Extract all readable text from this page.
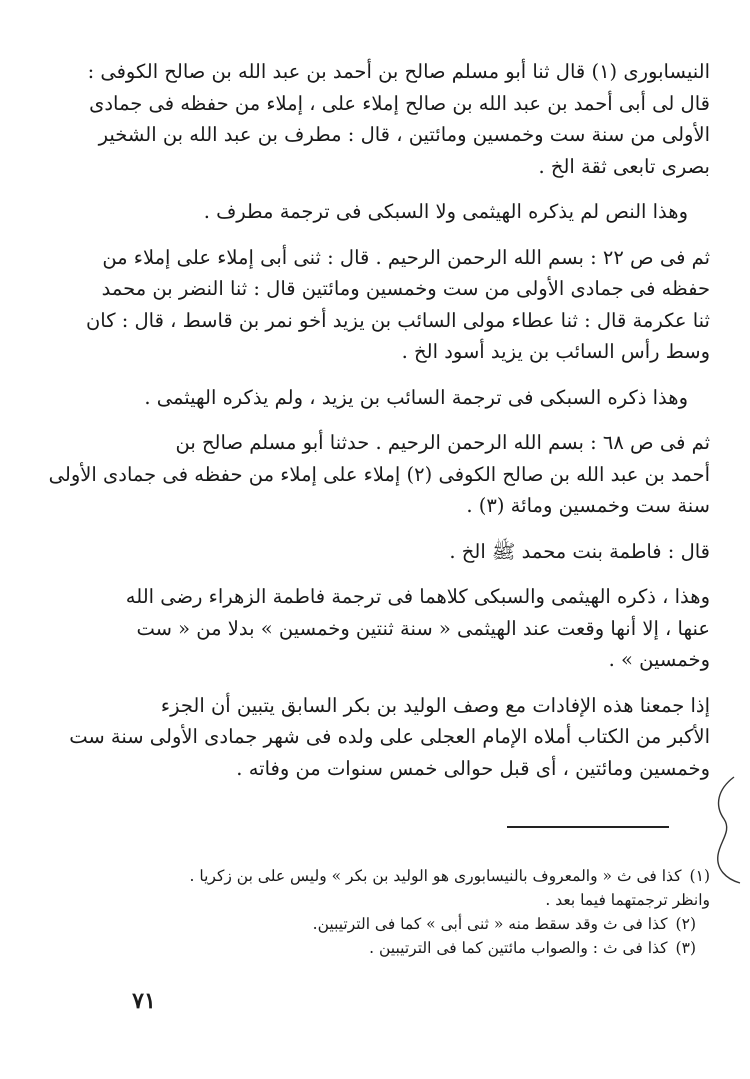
النيسابورى (١) قال ثنا أبو مسلم صالح بن أحمد بن عبد الله بن صالح الكوفى :
قال لى أبى أحمد بن عبد الله بن صالح إملاء على ، إملاء من حفظه فى جمادى
الأولى من سنة ست وخمسين ومائتين ، قال : مطرف بن عبد الله بن الشخير
بصرى تابعى ثقة الخ .

وهذا النص لم يذكره الهيثمى ولا السبكى فى ترجمة مطرف .

ثم فى ص ٢٢ : بسم الله الرحمن الرحيم . قال : ثنى أبى إملاء على إملاء من
حفظه فى جمادى الأولى من ست وخمسين ومائتين قال : ثنا النضر بن محمد
ثنا عكرمة قال : ثنا عطاء مولى السائب بن يزيد أخو نمر بن قاسط ، قال : كان
وسط رأس السائب بن يزيد أسود الخ .

وهذا ذكره السبكى فى ترجمة السائب بن يزيد ، ولم يذكره الهيثمى .

ثم فى ص ٦٨ : بسم الله الرحمن الرحيم . حدثنا أبو مسلم صالح بن
أحمد بن عبد الله بن صالح الكوفى (٢) إملاء على إملاء من حفظه فى جمادى الأولى
سنة ست وخمسين ومائة (٣) .

قال : فاطمة بنت محمد ﷺ الخ .

وهذا ، ذكره الهيثمى والسبكى كلاهما فى ترجمة فاطمة الزهراء رضى الله
عنها ، إلا أنها وقعت عند الهيثمى « سنة ثنتين وخمسين » بدلا من « ست
وخمسين » .

إذا جمعنا هذه الإفادات مع وصف الوليد بن بكر السابق يتبين أن الجزء
الأكبر من الكتاب أملاه الإمام العجلى على ولده فى شهر جمادى الأولى سنة ست
وخمسين ومائتين ، أى قبل حوالى خمس سنوات من وفاته .

(١)كذا فى ث « والمعروف بالنيسابورى هو الوليد بن بكر » وليس على بن زكريا .

وانظر ترجمتهما فيما بعد .

(٢)كذا فى ث وقد سقط منه « ثنى أبى » كما فى الترتيبين.

(٣)كذا فى ث : والصواب مائتين كما فى الترتيبين .

٧١
